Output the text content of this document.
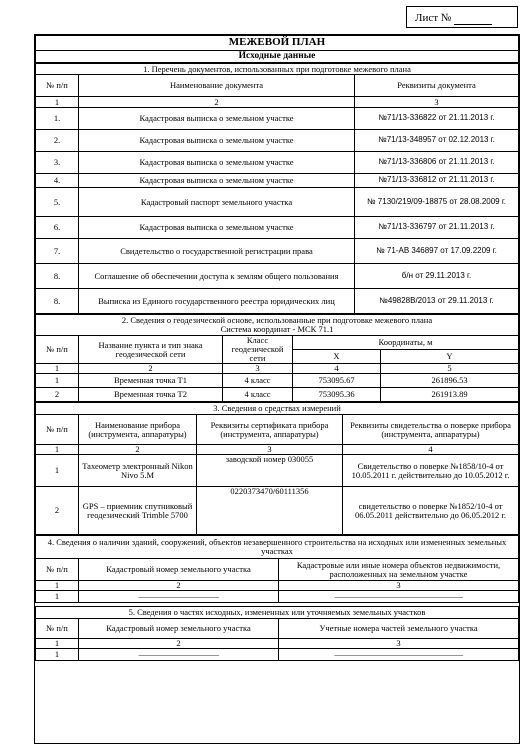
Лист №
МЕЖЕВОЙ ПЛАН
Исходные данные
1. Перечень документов, использованных при подготовке межевого плана		
№ п/п	Наименование документа	Реквизиты документа
1	2	3
1.	Кадастровая выписка о земельном участке	№71/13-336822 от 21.11.2013 г.
2.	Кадастровая выписка о земельном участке	№71/13-348957 от 02.12.2013 г.
3.	Кадастровая выписка о земельном участке	№71/13-336806 от 21.11.2013 г.
4.	Кадастровая выписка о земельном участке	№71/13-336812 от 21.11.2013 г.
5.	Кадастровый паспорт земельного участка	№ 7130/219/09-18875 от 28.08.2009 г.
6.	Кадастровая выписка о земельном участке	№71/13-336797 от 21.11.2013 г.
7.	Свидетельство о государственной регистрации права	№ 71-АВ 346897 от 17.09.2209 г.
8.	Соглашение об обеспечении доступа к землям общего пользования	б/н от 29.11.2013 г.
8.	Выписка из Единого государственного реестра юридических лиц	№49828В/2013 от 29.11.2013 г.
2. Сведения о геодезической основе, использованные при подготовке межевого плана
Система координат - МСК 71.1				
№ п/п	Название пункта и тип знака геодезической сети	Класс геодезической сети	Координаты, м	
			X	Y
1	2	3	4	5
1	Временная точка Т1	4 класс	753095.67	261896.53
2	Временная точка Т2	4 класс	753095.36	261913.89
3. Сведения о средствах измерений			
№ п/п	Наименование прибора (инструмента, аппаратуры)	Реквизиты сертификата прибора (инструмента, аппаратуры)	Реквизиты свидетельства о поверке прибора (инструмента, аппаратуры)
1	2	3	4
1	Тахеометр электронный Nikon Nivo 5.M	заводской номер 030055	Свидетельство о поверке №1858/10-4 от 10.05.2011 г. действительно до 10.05.2012 г.
2	GPS – приемник спутниковый геодезический Trimble 5700	0220373470/60111356	свидетельство о поверке №1852/10-4 от 06.05.2011 действительно до 06.05.2012 г.
4. Сведения о наличии зданий, сооружений, объектов незавершенного строительства на исходных или измененных земельных участках		
№ п/п	Кадастровый номер земельного участка	Кадастровые или иные номера объектов недвижимости, расположенных на земельном участке
1	2	3
1	——————————	————————————————
5. Сведения о частях исходных, измененных или уточняемых земельных участков		
№ п/п	Кадастровый номер земельного участка	Учетные номера частей земельного участка
1	2	3
1	——————————	————————————————
